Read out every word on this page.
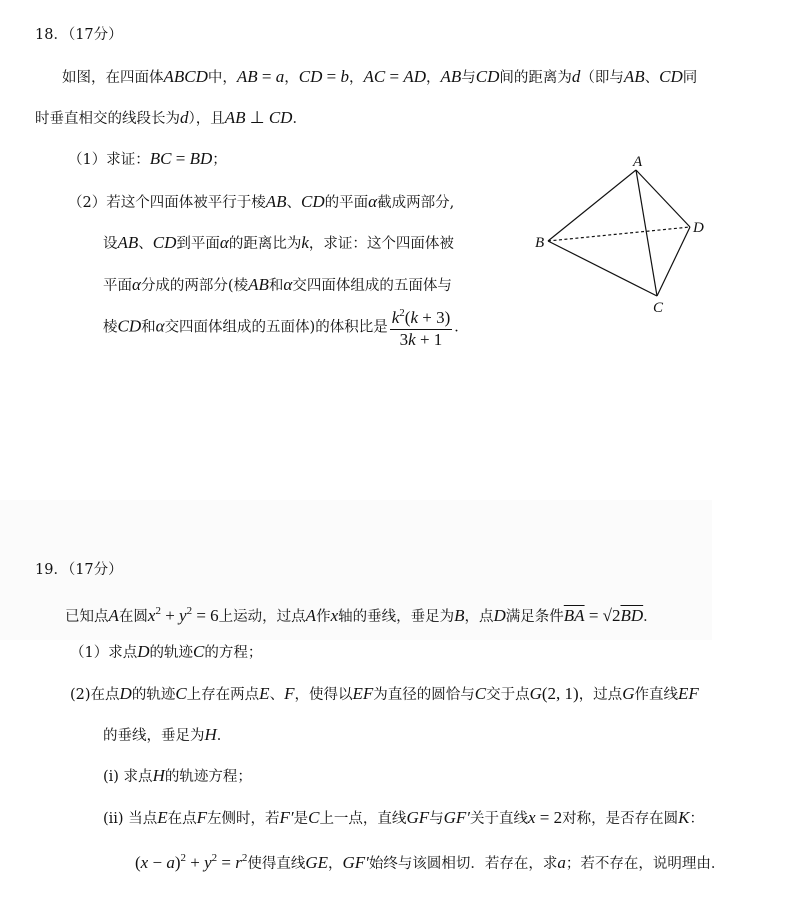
18．（17分）
如图，在四面体ABCD中，AB = a，CD = b，AC = AD，AB与CD间的距离为d（即与AB、CD同
时垂直相交的线段长为d），且AB ⊥ CD．
（1）求证：BC = BD；
（2）若这个四面体被平行于棱AB、CD的平面α截成两部分,
设AB、CD到平面α的距离比为k，求证：这个四面体被
平面α分成的两部分(棱AB和α交四面体组成的五面体与
棱CD和α交四面体组成的五面体)的体积比是 $\frac{k^2(k + 3)}{3k + 1}$ ．
A
B
C
D
19．（17分）
已知点A在圆$x^2 + y^2 = 6$上运动，过点A作x轴的垂线，垂足为B，点D满足条件$\overline{BA} = √2\overline{BD}$．
（1）求点D的轨迹C的方程；
(2)在点D的轨迹C上存在两点E、F，使得以EF为直径的圆恰与C交于点G(2, 1)，过点G作直线EF
的垂线，垂足为H．
(i) 求点H的轨迹方程；
(ii) 当点E在点F左侧时，若F′是C上一点，直线GF与GF′关于直线x = 2对称，是否存在圆K：
$(x - a)^2 + y^2 = r^2$使得直线GE，GF′始终与该圆相切．若存在，求a；若不存在，说明理由．
